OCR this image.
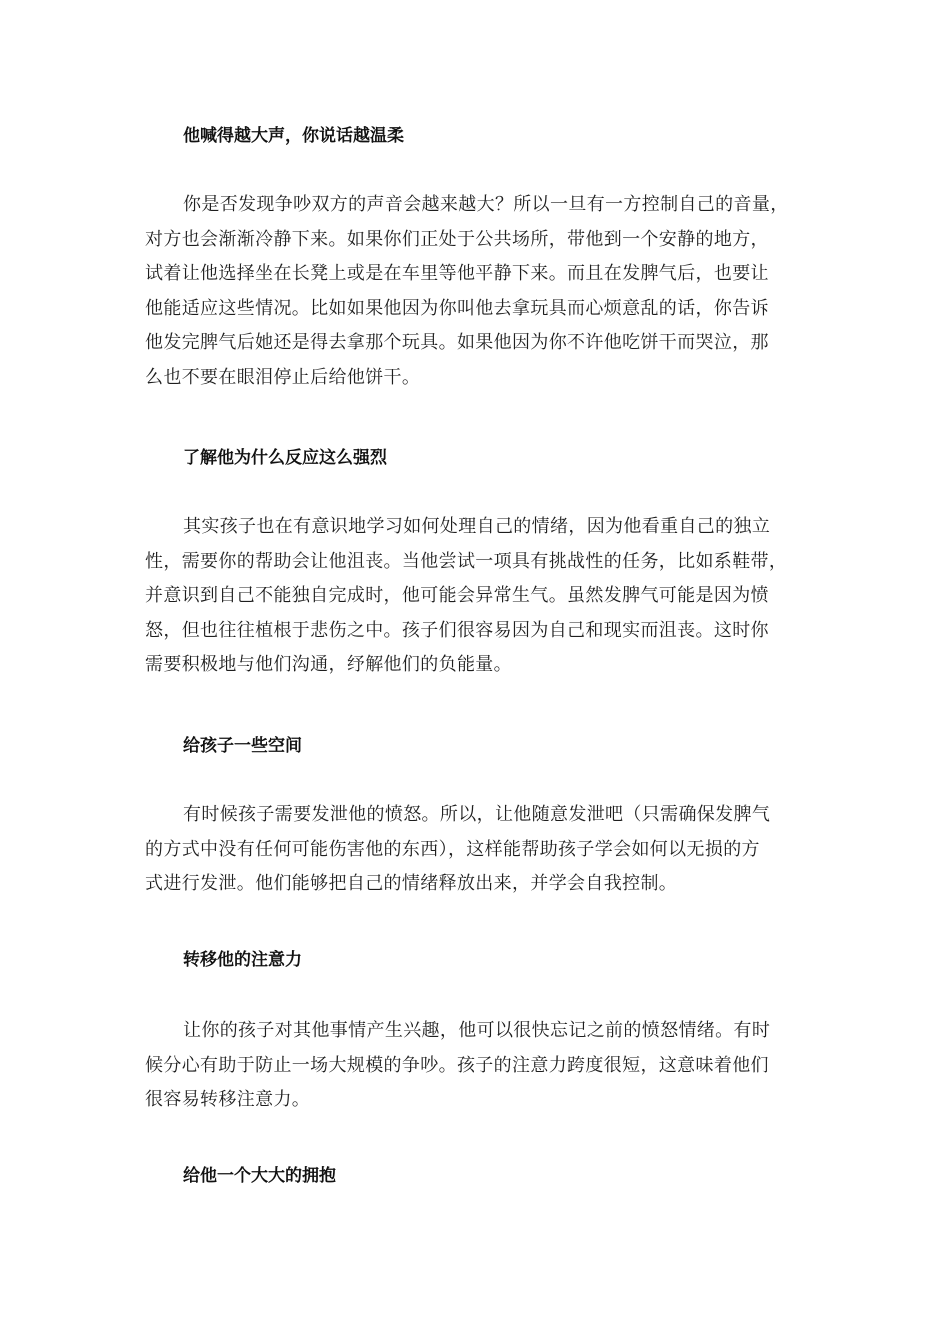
他喊得越大声，你说话越温柔

你是否发现争吵双方的声音会越来越大？所以一旦有一方控制自己的音量，
对方也会渐渐冷静下来。如果你们正处于公共场所，带他到一个安静的地方，
试着让他选择坐在长凳上或是在车里等他平静下来。而且在发脾气后，也要让
他能适应这些情况。比如如果他因为你叫他去拿玩具而心烦意乱的话，你告诉
他发完脾气后她还是得去拿那个玩具。如果他因为你不许他吃饼干而哭泣，那
么也不要在眼泪停止后给他饼干。

了解他为什么反应这么强烈

其实孩子也在有意识地学习如何处理自己的情绪，因为他看重自己的独立
性，需要你的帮助会让他沮丧。当他尝试一项具有挑战性的任务，比如系鞋带，
并意识到自己不能独自完成时，他可能会异常生气。虽然发脾气可能是因为愤
怒，但也往往植根于悲伤之中。孩子们很容易因为自己和现实而沮丧。这时你
需要积极地与他们沟通，纾解他们的负能量。

给孩子一些空间

有时候孩子需要发泄他的愤怒。所以，让他随意发泄吧（只需确保发脾气
的方式中没有任何可能伤害他的东西），这样能帮助孩子学会如何以无损的方
式进行发泄。他们能够把自己的情绪释放出来，并学会自我控制。

转移他的注意力

让你的孩子对其他事情产生兴趣，他可以很快忘记之前的愤怒情绪。有时
候分心有助于防止一场大规模的争吵。孩子的注意力跨度很短，这意味着他们
很容易转移注意力。

给他一个大大的拥抱
